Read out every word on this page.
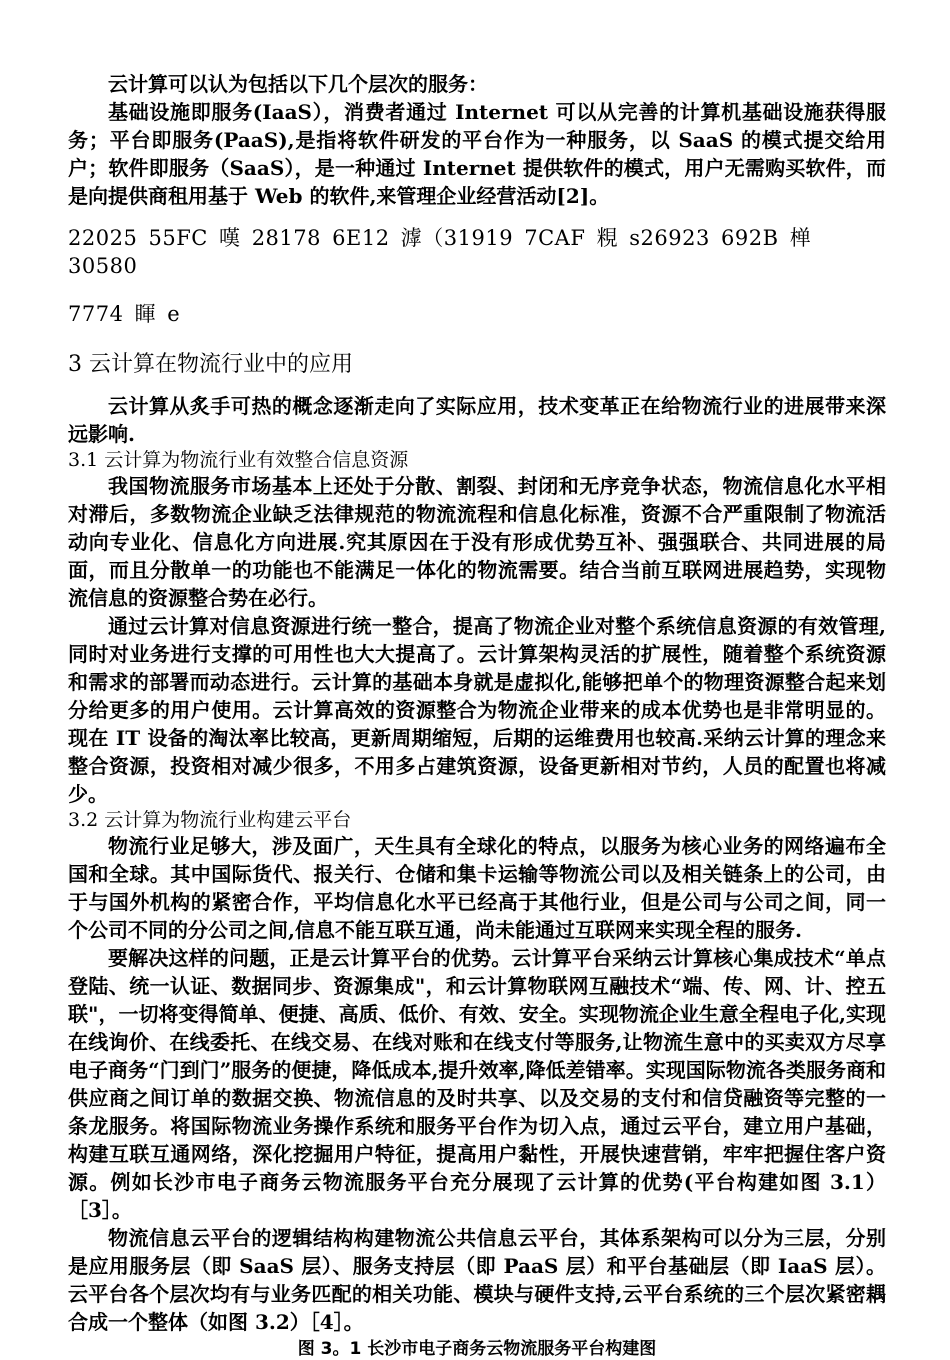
云计算可以认为包括以下几个层次的服务：

基础设施即服务(IaaS），消费者通过 Internet 可以从完善的计算机基础设施获得服务；平台即服务(PaaS),是指将软件研发的平台作为一种服务，以 SaaS 的模式提交给用户；软件即服务（SaaS），是一种通过 Internet 提供软件的模式，用户无需购买软件，而是向提供商租用基于 Web 的软件,来管理企业经营活动[2]。

22025 55FC 嘆 28178 6E12 滹（31919 7CAF 粯 s26923 692B 椫 30580

7774 睴 e

3 云计算在物流行业中的应用

云计算从炙手可热的概念逐渐走向了实际应用，技术变革正在给物流行业的进展带来深远影响.

3.1 云计算为物流行业有效整合信息资源

我国物流服务市场基本上还处于分散、割裂、封闭和无序竞争状态，物流信息化水平相对滞后，多数物流企业缺乏法律规范的物流流程和信息化标准，资源不合严重限制了物流活动向专业化、信息化方向进展.究其原因在于没有形成优势互补、强强联合、共同进展的局面，而且分散单一的功能也不能满足一体化的物流需要。结合当前互联网进展趋势，实现物流信息的资源整合势在必行。

通过云计算对信息资源进行统一整合，提高了物流企业对整个系统信息资源的有效管理,同时对业务进行支撑的可用性也大大提高了。云计算架构灵活的扩展性，随着整个系统资源和需求的部署而动态进行。云计算的基础本身就是虚拟化,能够把单个的物理资源整合起来划分给更多的用户使用。云计算高效的资源整合为物流企业带来的成本优势也是非常明显的。现在 IT 设备的淘汰率比较高，更新周期缩短，后期的运维费用也较高.采纳云计算的理念来整合资源，投资相对减少很多，不用多占建筑资源，设备更新相对节约，人员的配置也将减少。

3.2 云计算为物流行业构建云平台

物流行业足够大，涉及面广，天生具有全球化的特点，以服务为核心业务的网络遍布全国和全球。其中国际货代、报关行、仓储和集卡运输等物流公司以及相关链条上的公司，由于与国外机构的紧密合作，平均信息化水平已经高于其他行业，但是公司与公司之间，同一个公司不同的分公司之间,信息不能互联互通，尚未能通过互联网来实现全程的服务.

要解决这样的问题，正是云计算平台的优势。云计算平台采纳云计算核心集成技术“单点登陆、统一认证、数据同步、资源集成"，和云计算物联网互融技术“端、传、网、计、控五联"，一切将变得简单、便捷、高质、低价、有效、安全。实现物流企业生意全程电子化,实现在线询价、在线委托、在线交易、在线对账和在线支付等服务,让物流生意中的买卖双方尽享电子商务“门到门”服务的便捷，降低成本,提升效率,降低差错率。实现国际物流各类服务商和供应商之间订单的数据交换、物流信息的及时共享、以及交易的支付和信贷融资等完整的一条龙服务。将国际物流业务操作系统和服务平台作为切入点，通过云平台，建立用户基础，构建互联互通网络，深化挖掘用户特征，提高用户黏性，开展快速营销，牢牢把握住客户资源。例如长沙市电子商务云物流服务平台充分展现了云计算的优势(平台构建如图 3.1）［3］。

物流信息云平台的逻辑结构构建物流公共信息云平台，其体系架构可以分为三层，分别是应用服务层（即 SaaS 层）、服务支持层（即 PaaS 层）和平台基础层（即 IaaS 层）。云平台各个层次均有与业务匹配的相关功能、模块与硬件支持,云平台系统的三个层次紧密耦合成一个整体（如图 3.2）［4］。

图 3。1 长沙市电子商务云物流服务平台构建图
